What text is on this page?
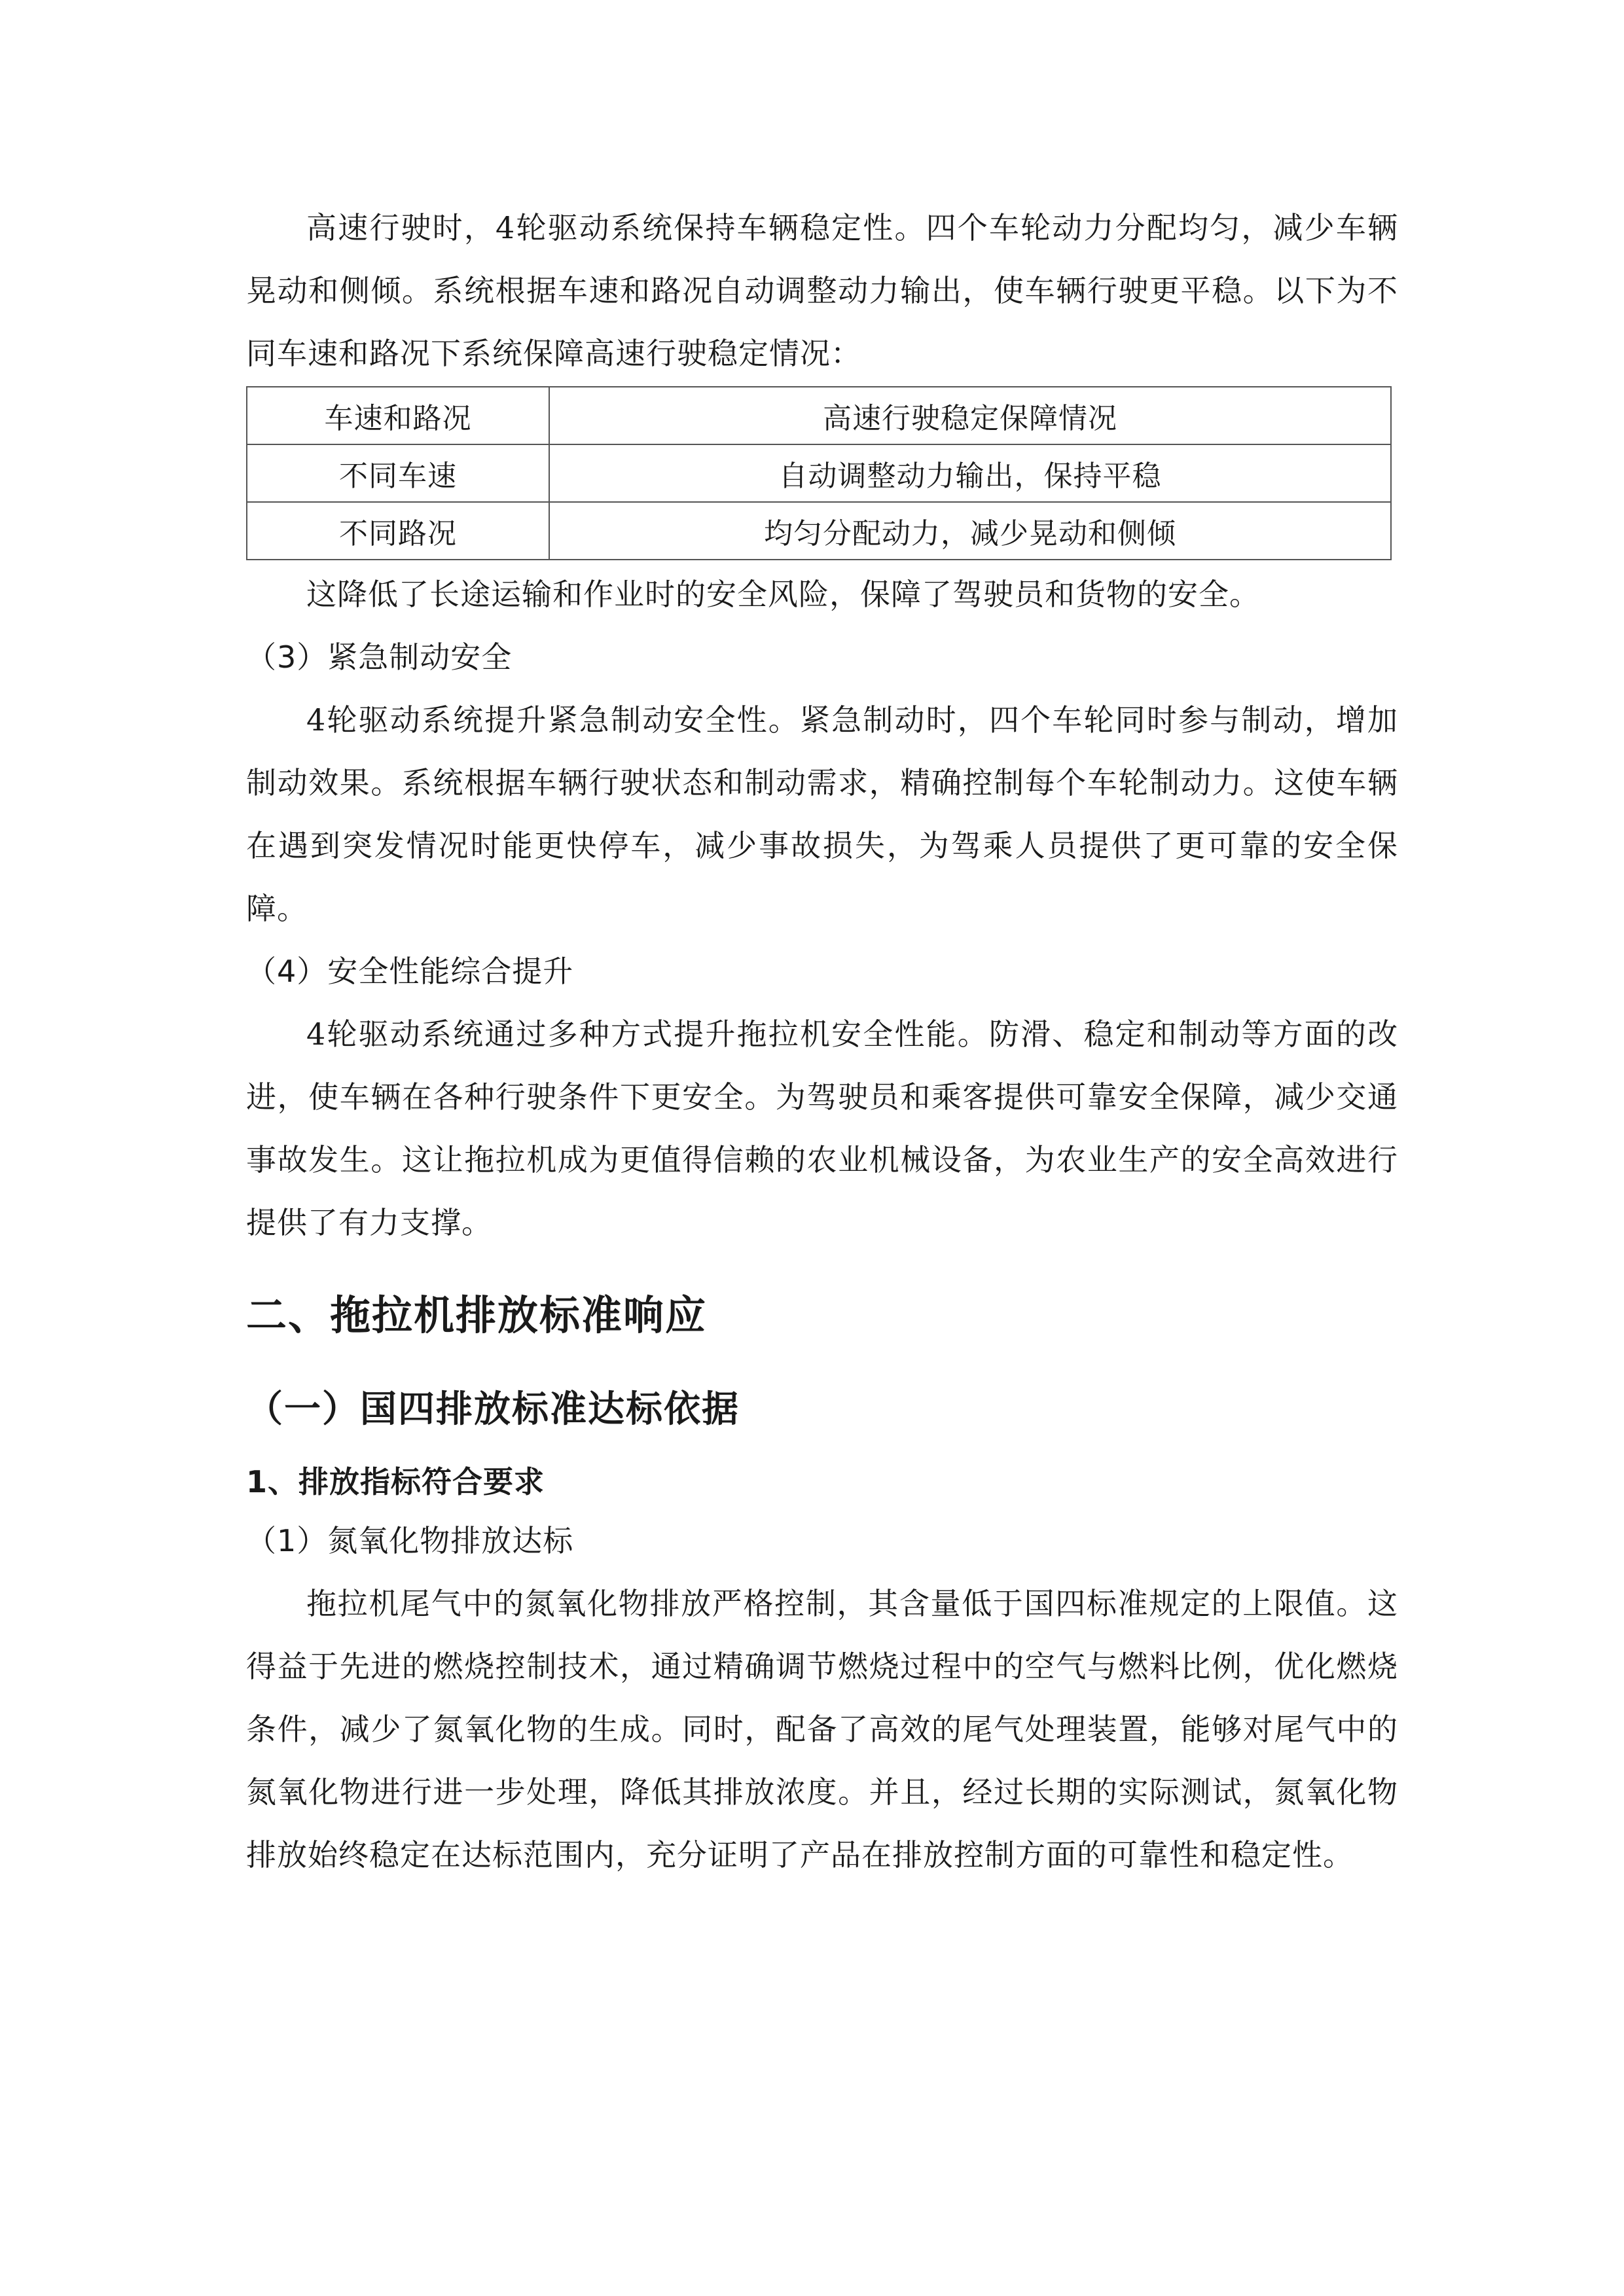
高速行驶时，4轮驱动系统保持车辆稳定性。四个车轮动力分配均匀，减少车辆晃动和侧倾。系统根据车速和路况自动调整动力输出，使车辆行驶更平稳。以下为不同车速和路况下系统保障高速行驶稳定情况：

车速和路况	高速行驶稳定保障情况
不同车速	自动调整动力输出，保持平稳
不同路况	均匀分配动力，减少晃动和侧倾

这降低了长途运输和作业时的安全风险，保障了驾驶员和货物的安全。

（3）紧急制动安全

4轮驱动系统提升紧急制动安全性。紧急制动时，四个车轮同时参与制动，增加制动效果。系统根据车辆行驶状态和制动需求，精确控制每个车轮制动力。这使车辆在遇到突发情况时能更快停车，减少事故损失，为驾乘人员提供了更可靠的安全保障。

（4）安全性能综合提升

4轮驱动系统通过多种方式提升拖拉机安全性能。防滑、稳定和制动等方面的改进，使车辆在各种行驶条件下更安全。为驾驶员和乘客提供可靠安全保障，减少交通事故发生。这让拖拉机成为更值得信赖的农业机械设备，为农业生产的安全高效进行提供了有力支撑。

二、拖拉机排放标准响应
（一）国四排放标准达标依据
1、排放指标符合要求

（1）氮氧化物排放达标

拖拉机尾气中的氮氧化物排放严格控制，其含量低于国四标准规定的上限值。这得益于先进的燃烧控制技术，通过精确调节燃烧过程中的空气与燃料比例，优化燃烧条件，减少了氮氧化物的生成。同时，配备了高效的尾气处理装置，能够对尾气中的氮氧化物进行进一步处理，降低其排放浓度。并且，经过长期的实际测试，氮氧化物排放始终稳定在达标范围内，充分证明了产品在排放控制方面的可靠性和稳定性。
